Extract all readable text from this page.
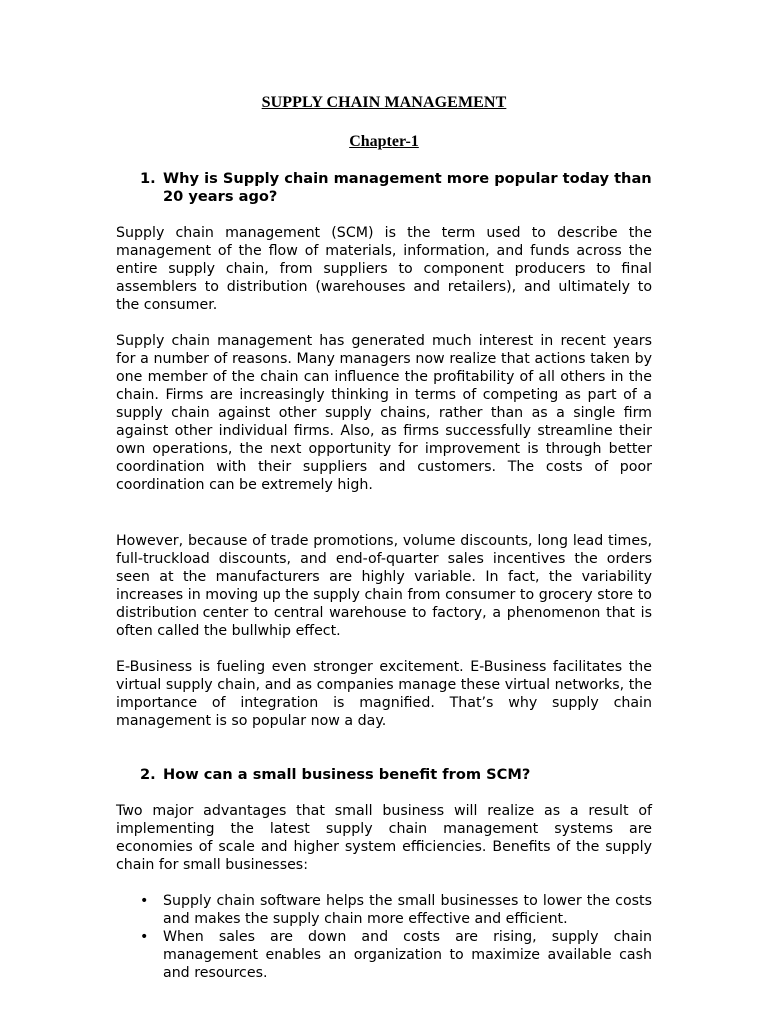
SUPPLY CHAIN MANAGEMENT
Chapter-1
1. Why is Supply chain management more popular today than 20 years ago?

Supply chain management (SCM) is the term used to describe the management of the flow of materials, information, and funds across the entire supply chain, from suppliers to component producers to final assemblers to distribution (warehouses and retailers), and ultimately to the consumer.

Supply chain management has generated much interest in recent years for a number of reasons. Many managers now realize that actions taken by one member of the chain can influence the profitability of all others in the chain. Firms are increasingly thinking in terms of competing as part of a supply chain against other supply chains, rather than as a single firm against other individual firms. Also, as firms successfully streamline their own operations, the next opportunity for improvement is through better coordination with their suppliers and customers. The costs of poor coordination can be extremely high.

However, because of trade promotions, volume discounts, long lead times, full-truckload discounts, and end-of-quarter sales incentives the orders seen at the manufacturers are highly variable. In fact, the variability increases in moving up the supply chain from consumer to grocery store to distribution center to central warehouse to factory, a phenomenon that is often called the bullwhip effect.

E-Business is fueling even stronger excitement. E-Business facilitates the virtual supply chain, and as companies manage these virtual networks, the importance of integration is magnified. That’s why supply chain management is so popular now a day.

2. How can a small business benefit from SCM?

Two major advantages that small business will realize as a result of implementing the latest supply chain management systems are economies of scale and higher system efficiencies. Benefits of the supply chain for small businesses:

•	Supply chain software helps the small businesses to lower the costs and makes the supply chain more effective and efficient.
•	When sales are down and costs are rising, supply chain management enables an organization to maximize available cash and resources.
